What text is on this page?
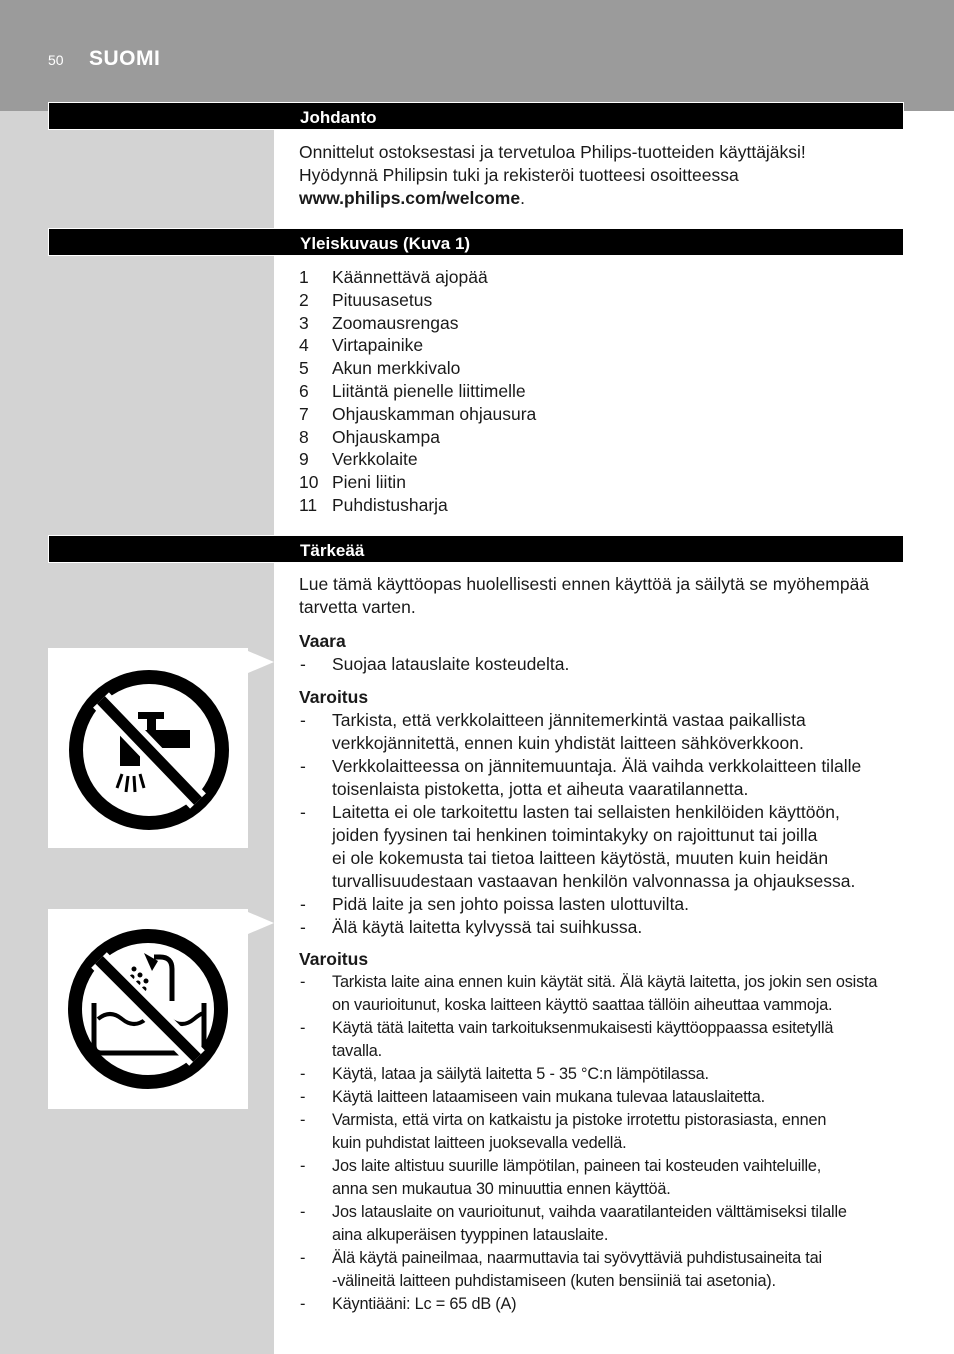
50 SUOMI
Johdanto

Onnittelut ostoksestasi ja tervetuloa Philips-tuotteiden käyttäjäksi!

Hyödynnä Philipsin tuki ja rekisteröi tuotteesi osoitteessa

www.philips.com/welcome.

Yleiskuvaus (Kuva 1)
1 Käännettävä ajopää
2 Pituusasetus
3 Zoomausrengas
4 Virtapainike
5 Akun merkkivalo
6 Liitäntä pienelle liittimelle
7 Ohjauskamman ohjausura
8 Ohjauskampa
9 Verkkolaite
10 Pieni liitin
11 Puhdistusharja
Tärkeää

Lue tämä käyttöopas huolellisesti ennen käyttöä ja säilytä se myöhempää

tarvetta varten.

Vaara

- Suojaa latauslaite kosteudelta.

Varoitus

- Tarkista, että verkkolaitteen jännitemerkintä vastaa paikallista
verkkojännitettä, ennen kuin yhdistät laitteen sähköverkkoon.
- Verkkolaitteessa on jännitemuuntaja. Älä vaihda verkkolaitteen tilalle
toisenlaista pistoketta, jotta et aiheuta vaaratilannetta.
- Laitetta ei ole tarkoitettu lasten tai sellaisten henkilöiden käyttöön,
joiden fyysinen tai henkinen toimintakyky on rajoittunut tai joilla
ei ole kokemusta tai tietoa laitteen käytöstä, muuten kuin heidän
turvallisuudestaan vastaavan henkilön valvonnassa ja ohjauksessa.
- Pidä laite ja sen johto poissa lasten ulottuvilta.
- Älä käytä laitetta kylvyssä tai suihkussa.

Varoitus

- Tarkista laite aina ennen kuin käytät sitä. Älä käytä laitetta, jos jokin sen osista
on vaurioitunut, koska laitteen käyttö saattaa tällöin aiheuttaa vammoja.
- Käytä tätä laitetta vain tarkoituksenmukaisesti käyttöoppaassa esitetyllä
tavalla.
- Käytä, lataa ja säilytä laitetta 5 - 35 °C:n lämpötilassa.
- Käytä laitteen lataamiseen vain mukana tulevaa latauslaitetta.
- Varmista, että virta on katkaistu ja pistoke irrotettu pistorasiasta, ennen
kuin puhdistat laitteen juoksevalla vedellä.
- Jos laite altistuu suurille lämpötilan, paineen tai kosteuden vaihteluille,
anna sen mukautua 30 minuuttia ennen käyttöä.
- Jos latauslaite on vaurioitunut, vaihda vaaratilanteiden välttämiseksi tilalle
aina alkuperäisen tyyppinen latauslaite.
- Älä käytä paineilmaa, naarmuttavia tai syövyttäviä puhdistusaineita tai
-välineitä laitteen puhdistamiseen (kuten bensiiniä tai asetonia).
- Käyntiääni: Lc = 65 dB (A)
